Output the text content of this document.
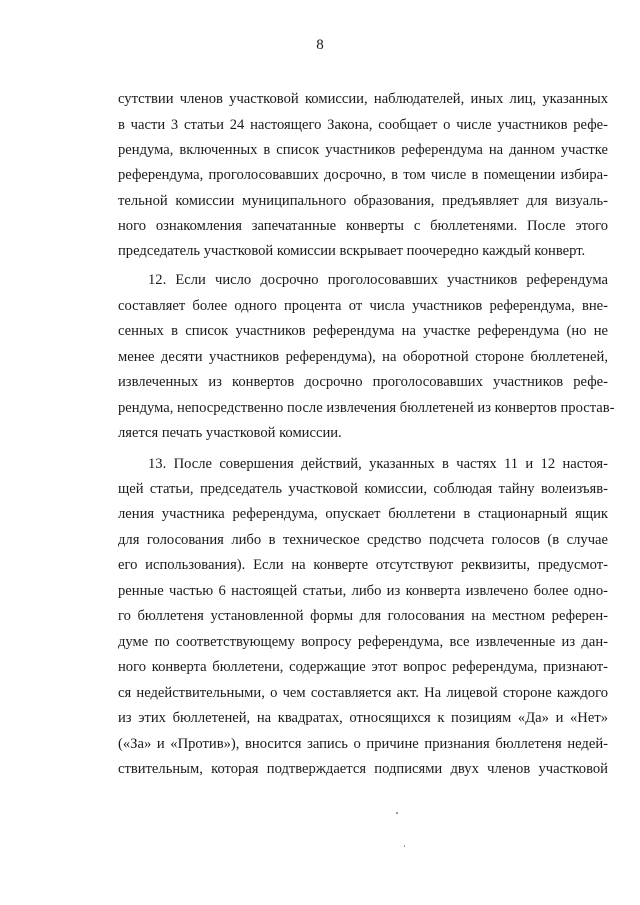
8
сутствии членов участковой комиссии, наблюдателей, иных лиц, указанных
в части 3 статьи 24 настоящего Закона, сообщает о числе участников рефе-
рендума, включенных в список участников референдума на данном участке
референдума, проголосовавших досрочно, в том числе в помещении избира-
тельной комиссии муниципального образования, предъявляет для визуаль-
ного ознакомления запечатанные конверты с бюллетенями. После этого
председатель участковой комиссии вскрывает поочередно каждый конверт.
12. Если число досрочно проголосовавших участников референдума
составляет более одного процента от числа участников референдума, вне-
сенных в список участников референдума на участке референдума (но не
менее десяти участников референдума), на оборотной стороне бюллетеней,
извлеченных из конвертов досрочно проголосовавших участников рефе-
рендума, непосредственно после извлечения бюллетеней из конвертов простав-
ляется печать участковой комиссии.
13. После совершения действий, указанных в частях 11 и 12 настоя-
щей статьи, председатель участковой комиссии, соблюдая тайну волеизъяв-
ления участника референдума, опускает бюллетени в стационарный ящик
для голосования либо в техническое средство подсчета голосов (в случае
его использования). Если на конверте отсутствуют реквизиты, предусмот-
ренные частью 6 настоящей статьи, либо из конверта извлечено более одно-
го бюллетеня установленной формы для голосования на местном референ-
думе по соответствующему вопросу референдума, все извлеченные из дан-
ного конверта бюллетени, содержащие этот вопрос референдума, признают-
ся недействительными, о чем составляется акт. На лицевой стороне каждого
из этих бюллетеней, на квадратах, относящихся к позициям «Да» и «Нет»
(«За» и «Против»), вносится запись о причине признания бюллетеня недей-
ствительным, которая подтверждается подписями двух членов участковой
